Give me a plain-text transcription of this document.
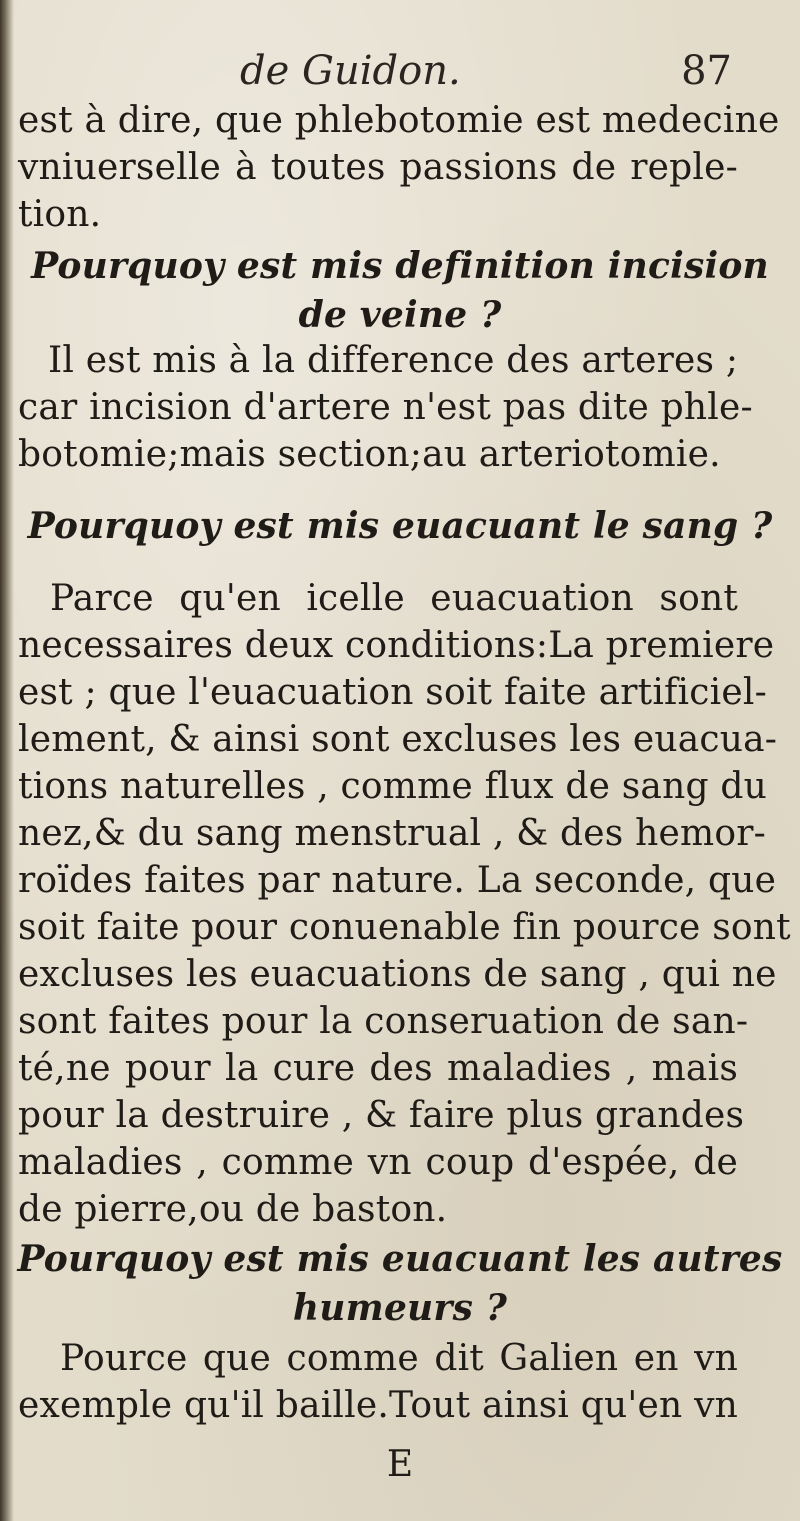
de Guidon.	87
est à dire, que phlebotomie est medecine
vniuerselle à toutes passions de reple-
tion.
Pourquoy est mis definition incision
de veine ?
Il est mis à la difference des arteres ;
car incision d'artere n'est pas dite phle-
botomie;mais section;au arteriotomie.
Pourquoy est mis euacuant le sang ?
Parce qu'en icelle euacuation sont
necessaires deux conditions:La premiere
est ; que l'euacuation soit faite artificiel-
lement, & ainsi sont excluses les euacua-
tions naturelles , comme flux de sang du
nez,& du sang menstrual , & des hemor-
roïdes faites par nature. La seconde, que
soit faite pour conuenable fin pource sont
excluses les euacuations de sang , qui ne
sont faites pour la conseruation de san-
té,ne pour la cure des maladies , mais
pour la destruire , & faire plus grandes
maladies , comme vn coup d'espée, de
de pierre,ou de baston.
Pourquoy est mis euacuant les autres
humeurs ?
Pource que comme dit Galien en vn
exemple qu'il baille.Tout ainsi qu'en vn
E
